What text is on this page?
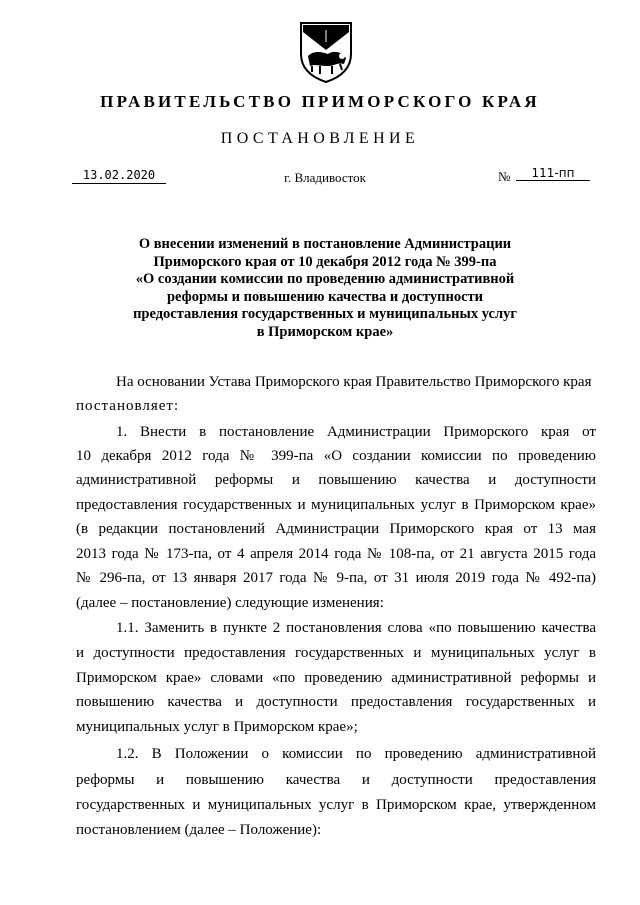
ПРАВИТЕЛЬСТВО ПРИМОРСКОГО КРАЯ
ПОСТАНОВЛЕНИЕ
13.02.2020	г. Владивосток	№	111-пп
О внесении изменений в постановление Администрации
Приморского края от 10 декабря 2012 года № 399-па
«О создании комиссии по проведению административной
реформы и повышению качества и доступности
предоставления государственных и муниципальных услуг
в Приморском крае»
На основании Устава Приморского края Правительство Приморского края
постановляет:
1. Внести в постановление Администрации Приморского края от
10 декабря 2012 года № 399-па «О создании комиссии по проведению
административной реформы и повышению качества и доступности
предоставления государственных и муниципальных услуг в Приморском крае»
(в редакции постановлений Администрации Приморского края от 13 мая
2013 года № 173-па, от 4 апреля 2014 года № 108-па, от 21 августа 2015 года
№ 296-па, от 13 января 2017 года № 9-па, от 31 июля 2019 года № 492-па)
(далее – постановление) следующие изменения:
1.1. Заменить в пункте 2 постановления слова «по повышению качества
и доступности предоставления государственных и муниципальных услуг в
Приморском крае» словами «по проведению административной реформы и
повышению качества и доступности предоставления государственных и
муниципальных услуг в Приморском крае»;
1.2. В Положении о комиссии по проведению административной
реформы и повышению качества и доступности предоставления
государственных и муниципальных услуг в Приморском крае, утвержденном
постановлением (далее – Положение):
